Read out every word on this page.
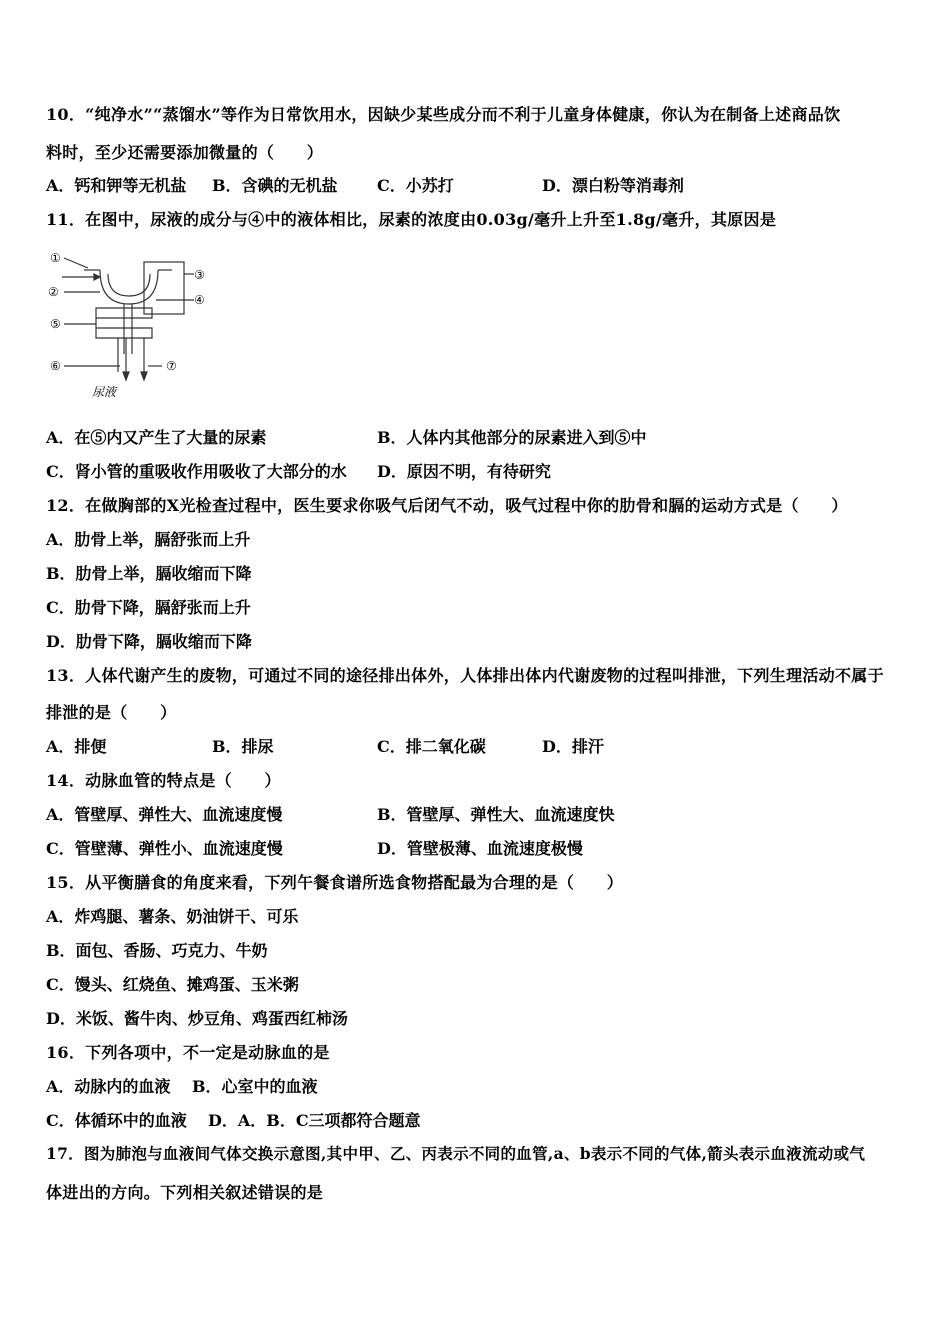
10．“纯净水”“蒸馏水”等作为日常饮用水，因缺少某些成分而不利于儿童身体健康，你认为在制备上述商品饮
料时，至少还需要添加微量的（　　）
A．钙和钾等无机盐 B．含碘的无机盐 C．小苏打	D．漂白粉等消毒剂
11．在图中，尿液的成分与④中的液体相比，尿素的浓度由0.03g/毫升上升至1.8g/毫升，其原因是
①
②
③
④
⑤
⑥	⑦
尿液
A．在⑤内又产生了大量的尿素	B．人体内其他部分的尿素进入到⑤中
C．肾小管的重吸收作用吸收了大部分的水 D．原因不明，有待研究
12．在做胸部的X光检查过程中，医生要求你吸气后闭气不动，吸气过程中你的肋骨和膈的运动方式是（　　）
A．肋骨上举，膈舒张而上升
B．肋骨上举，膈收缩而下降
C．肋骨下降，膈舒张而上升
D．肋骨下降，膈收缩而下降
13．人体代谢产生的废物，可通过不同的途径排出体外，人体排出体内代谢废物的过程叫排泄，下列生理活动不属于
排泄的是（　　）
A．排便	B．排尿	C．排二氧化碳	D．排汗
14．动脉血管的特点是（　　）
A．管壁厚、弹性大、血流速度慢	B．管壁厚、弹性大、血流速度快
C．管壁薄、弹性小、血流速度慢	D．管壁极薄、血流速度极慢
15．从平衡膳食的角度来看，下列午餐食谱所选食物搭配最为合理的是（　　）
A．炸鸡腿、薯条、奶油饼干、可乐
B．面包、香肠、巧克力、牛奶
C．馒头、红烧鱼、摊鸡蛋、玉米粥
D．米饭、酱牛肉、炒豆角、鸡蛋西红柿汤
16．下列各项中，不一定是动脉血的是
A．动脉内的血液 B．心室中的血液
C．体循环中的血液 D．A．B．C三项都符合题意
17．图为肺泡与血液间气体交换示意图,其中甲、乙、丙表示不同的血管,a、b表示不同的气体,箭头表示血液流动或气
体进出的方向。下列相关叙述错误的是
